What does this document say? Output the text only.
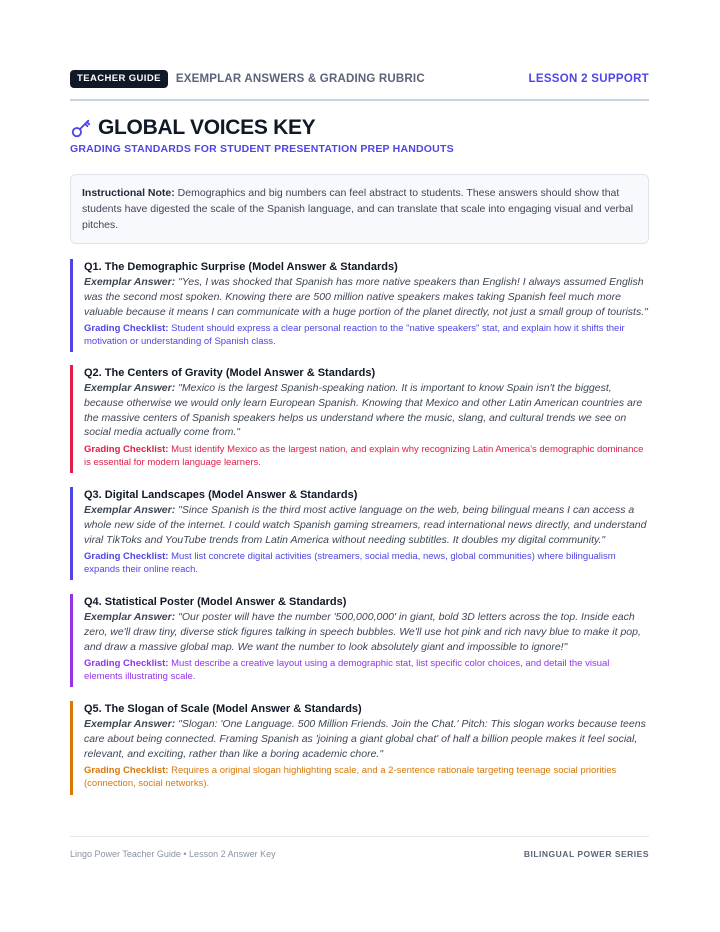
TEACHER GUIDE	EXEMPLAR ANSWERS & GRADING RUBRIC	LESSON 2 SUPPORT
GLOBAL VOICES KEY
GRADING STANDARDS FOR STUDENT PRESENTATION PREP HANDOUTS
Instructional Note: Demographics and big numbers can feel abstract to students. These answers should show that students have digested the scale of the Spanish language, and can translate that scale into engaging visual and verbal pitches.
Q1. The Demographic Surprise (Model Answer & Standards)
Exemplar Answer: "Yes, I was shocked that Spanish has more native speakers than English! I always assumed English was the second most spoken. Knowing there are 500 million native speakers makes taking Spanish feel much more valuable because it means I can communicate with a huge portion of the planet directly, not just a small group of tourists."
Grading Checklist: Student should express a clear personal reaction to the "native speakers" stat, and explain how it shifts their motivation or understanding of Spanish class.
Q2. The Centers of Gravity (Model Answer & Standards)
Exemplar Answer: "Mexico is the largest Spanish-speaking nation. It is important to know Spain isn't the biggest, because otherwise we would only learn European Spanish. Knowing that Mexico and other Latin American countries are the massive centers of Spanish speakers helps us understand where the music, slang, and cultural trends we see on social media actually come from."
Grading Checklist: Must identify Mexico as the largest nation, and explain why recognizing Latin America's demographic dominance is essential for modern language learners.
Q3. Digital Landscapes (Model Answer & Standards)
Exemplar Answer: "Since Spanish is the third most active language on the web, being bilingual means I can access a whole new side of the internet. I could watch Spanish gaming streamers, read international news directly, and understand viral TikToks and YouTube trends from Latin America without needing subtitles. It doubles my digital community."
Grading Checklist: Must list concrete digital activities (streamers, social media, news, global communities) where bilingualism expands their online reach.
Q4. Statistical Poster (Model Answer & Standards)
Exemplar Answer: "Our poster will have the number '500,000,000' in giant, bold 3D letters across the top. Inside each zero, we'll draw tiny, diverse stick figures talking in speech bubbles. We'll use hot pink and rich navy blue to make it pop, and draw a massive global map. We want the number to look absolutely giant and impossible to ignore!"
Grading Checklist: Must describe a creative layout using a demographic stat, list specific color choices, and detail the visual elements illustrating scale.
Q5. The Slogan of Scale (Model Answer & Standards)
Exemplar Answer: "Slogan: 'One Language. 500 Million Friends. Join the Chat.' Pitch: This slogan works because teens care about being connected. Framing Spanish as 'joining a giant global chat' of half a billion people makes it feel social, relevant, and exciting, rather than like a boring academic chore."
Grading Checklist: Requires a original slogan highlighting scale, and a 2-sentence rationale targeting teenage social priorities (connection, social networks).
Lingo Power Teacher Guide • Lesson 2 Answer Key	BILINGUAL POWER SERIES
